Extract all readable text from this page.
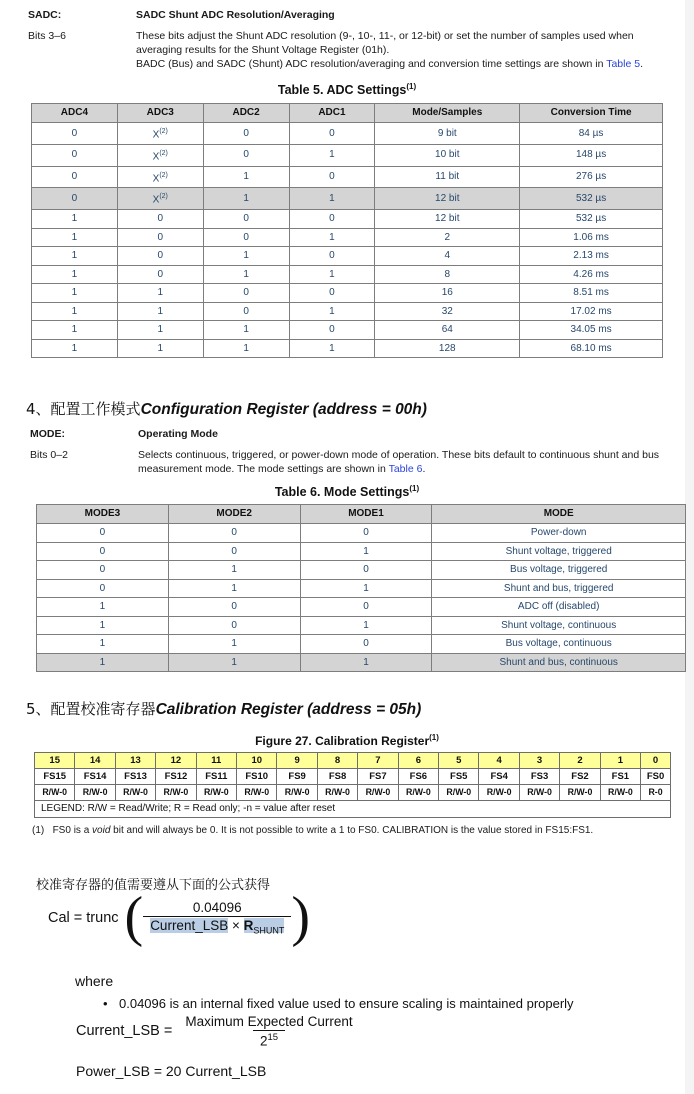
SADC:	SADC Shunt ADC Resolution/Averaging
Bits 3–6	These bits adjust the Shunt ADC resolution (9-, 10-, 11-, or 12-bit) or set the number of samples used when
averaging results for the Shunt Voltage Register (01h).
BADC (Bus) and SADC (Shunt) ADC resolution/averaging and conversion time settings are shown in Table 5.
Table 5. ADC Settings$^{(1)}$
ADC4	ADC3	ADC2	ADC1	Mode/Samples	Conversion Time
0	$X^{(2)}$	0	0	9 bit	84 µs
0	$X^{(2)}$	0	1	10 bit	148 µs
0	$X^{(2)}$	1	0	11 bit	276 µs
0	$X^{(2)}$	1	1	12 bit	532 µs
1	0	0	0	12 bit	532 µs
1	0	0	1	2	1.06 ms
1	0	1	0	4	2.13 ms
1	0	1	1	8	4.26 ms
1	1	0	0	16	8.51 ms
1	1	0	1	32	17.02 ms
1	1	1	0	64	34.05 ms
1	1	1	1	128	68.10 ms
4、配置工作模式Configuration Register (address = 00h)
MODE:	Operating Mode
Bits 0–2	Selects continuous, triggered, or power-down mode of operation. These bits default to continuous shunt and bus
measurement mode. The mode settings are shown in Table 6.
Table 6. Mode Settings$^{(1)}$
MODE3	MODE2	MODE1	MODE
0	0	0	Power-down
0	0	1	Shunt voltage, triggered
0	1	0	Bus voltage, triggered
0	1	1	Shunt and bus, triggered
1	0	0	ADC off (disabled)
1	0	1	Shunt voltage, continuous
1	1	0	Bus voltage, continuous
1	1	1	Shunt and bus, continuous
5、配置校准寄存器Calibration Register (address = 05h)
Figure 27. Calibration Register$^{(1)}$
15	14	13	12	11	10	9	8	7	6	5	4	3	2	1	0
FS15	FS14	FS13	FS12	FS11	FS10	FS9	FS8	FS7	FS6	FS5	FS4	FS3	FS2	FS1	FS0
R/W-0	R/W-0	R/W-0	R/W-0	R/W-0	R/W-0	R/W-0	R/W-0	R/W-0	R/W-0	R/W-0	R/W-0	R/W-0	R/W-0	R/W-0	R-0
LEGEND: R/W = Read/Write; R = Read only; -n = value after reset															
(1) FS0 is a void bit and will always be 0. It is not possible to write a 1 to FS0. CALIBRATION is the value stored in FS15:FS1.
校准寄存器的值需要遵从下面的公式获得
Cal = trunc ( $\frac{0.04096}{Current\_LSB \times R_{SHUNT}}$ )
where
• 0.04096 is an internal fixed value used to ensure scaling is maintained properly
Current_LSB = $\frac{\text{Maximum Expected Current}}{2^{15}}$
Power_LSB = 20 Current_LSB
